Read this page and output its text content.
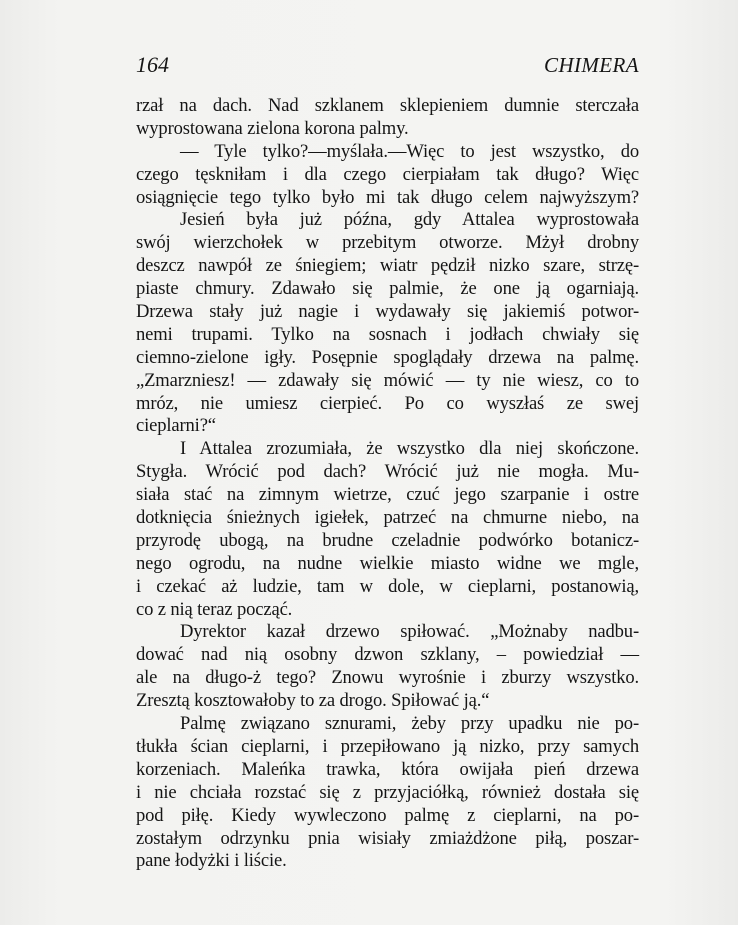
164	CHIMERA
rzał na dach. Nad szklanem sklepieniem dumnie sterczała
wyprostowana zielona korona palmy.
— Tyle tylko?—myślała.—Więc to jest wszystko, do
czego tęskniłam i dla czego cierpiałam tak długo? Więc
osiągnięcie tego tylko było mi tak długo celem najwyższym?
Jesień była już późna, gdy Attalea wyprostowała
swój wierzchołek w przebitym otworze. Mżył drobny
deszcz nawpół ze śniegiem; wiatr pędził nizko szare, strzę-
piaste chmury. Zdawało się palmie, że one ją ogarniają.
Drzewa stały już nagie i wydawały się jakiemiś potwor-
nemi trupami. Tylko na sosnach i jodłach chwiały się
ciemno-zielone igły. Posępnie spoglądały drzewa na palmę.
„Zmarzniesz! — zdawały się mówić — ty nie wiesz, co to
mróz, nie umiesz cierpieć. Po co wyszłaś ze swej
cieplarni?“
I Attalea zrozumiała, że wszystko dla niej skończone.
Stygła. Wrócić pod dach? Wrócić już nie mogła. Mu-
siała stać na zimnym wietrze, czuć jego szarpanie i ostre
dotknięcia śnieżnych igiełek, patrzeć na chmurne niebo, na
przyrodę ubogą, na brudne czeladnie podwórko botanicz-
nego ogrodu, na nudne wielkie miasto widne we mgle,
i czekać aż ludzie, tam w dole, w cieplarni, postanowią,
co z nią teraz począć.
Dyrektor kazał drzewo spiłować. „Możnaby nadbu-
dować nad nią osobny dzwon szklany, – powiedział —
ale na długo-ż tego? Znowu wyrośnie i zburzy wszystko.
Zresztą kosztowałoby to za drogo. Spiłować ją.“
Palmę związano sznurami, żeby przy upadku nie po-
tłukła ścian cieplarni, i przepiłowano ją nizko, przy samych
korzeniach. Maleńka trawka, która owijała pień drzewa
i nie chciała rozstać się z przyjaciółką, również dostała się
pod piłę. Kiedy wywleczono palmę z cieplarni, na po-
zostałym odrzynku pnia wisiały zmiażdżone piłą, poszar-
pane łodyżki i liście.
